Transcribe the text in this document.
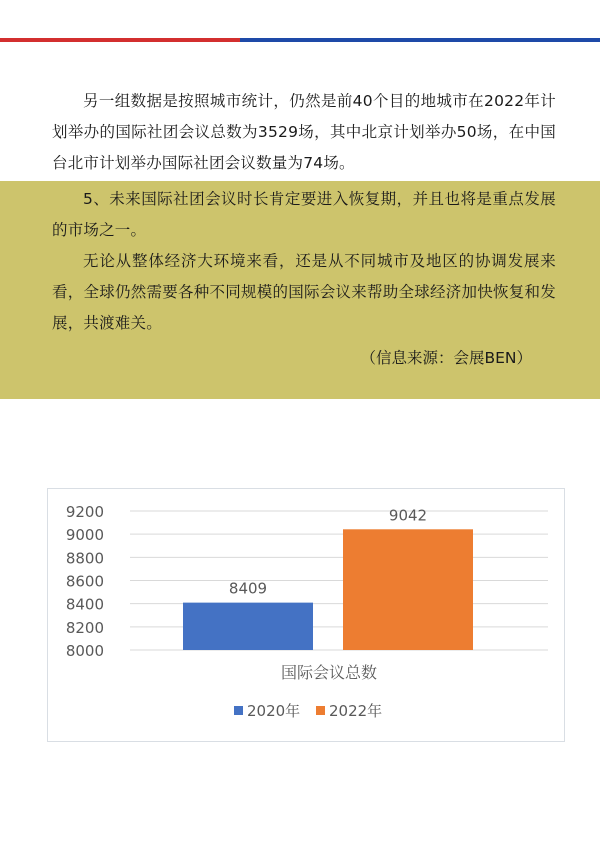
另一组数据是按照城市统计，仍然是前40个目的地城市在2022年计划举办的国际社团会议总数为3529场，其中北京计划举办50场，在中国台北市计划举办国际社团会议数量为74场。

5、未来国际社团会议时长肯定要进入恢复期，并且也将是重点发展的市场之一。

无论从整体经济大环境来看，还是从不同城市及地区的协调发展来看，全球仍然需要各种不同规模的国际会议来帮助全球经济加快恢复和发展，共渡难关。

（信息来源：会展BEN）
8000
8200
8400
8600
8800
9000
9200
8409
9042
国际会议总数
2020年 2022年
